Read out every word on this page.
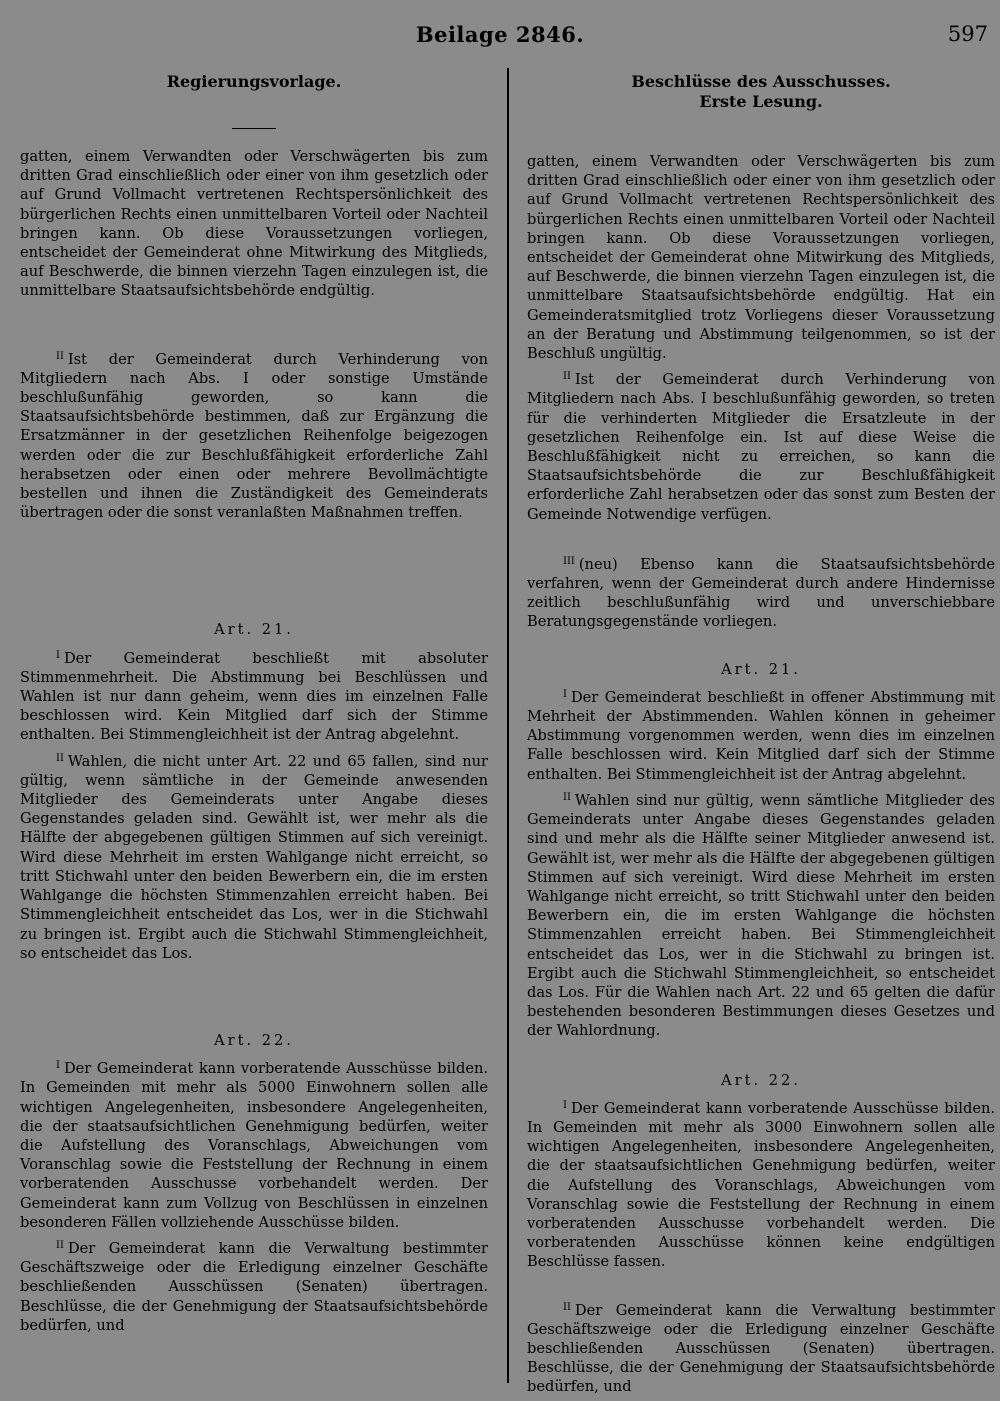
Beilage 2846.	597
Regierungsvorlage.

gatten, einem Verwandten oder Verschwägerten bis zum dritten Grad einschließlich oder einer von ihm gesetzlich oder auf Grund Vollmacht vertretenen Rechtspersönlichkeit des bürgerlichen Rechts einen unmittelbaren Vorteil oder Nachteil bringen kann. Ob diese Voraussetzungen vorliegen, entscheidet der Gemeinderat ohne Mitwirkung des Mitglieds, auf Beschwerde, die binnen vierzehn Tagen einzulegen ist, die unmittelbare Staatsaufsichtsbehörde endgültig.

$^{II}$ Ist der Gemeinderat durch Verhinderung von Mitgliedern nach Abs. I oder sonstige Umstände beschlußunfähig geworden, so kann die Staatsaufsichtsbehörde bestimmen, daß zur Ergänzung die Ersatzmänner in der gesetzlichen Reihenfolge beigezogen werden oder die zur Beschlußfähigkeit erforderliche Zahl herabsetzen oder einen oder mehrere Bevollmächtigte bestellen und ihnen die Zuständigkeit des Gemeinderats übertragen oder die sonst veranlaßten Maßnahmen treffen.

Art. 21.

$^I$ Der Gemeinderat beschließt mit absoluter Stimmenmehrheit. Die Abstimmung bei Beschlüssen und Wahlen ist nur dann geheim, wenn dies im einzelnen Falle beschlossen wird. Kein Mitglied darf sich der Stimme enthalten. Bei Stimmengleichheit ist der Antrag abgelehnt.

$^{II}$ Wahlen, die nicht unter Art. 22 und 65 fallen, sind nur gültig, wenn sämtliche in der Gemeinde anwesenden Mitglieder des Gemeinderats unter Angabe dieses Gegenstandes geladen sind. Gewählt ist, wer mehr als die Hälfte der abgegebenen gültigen Stimmen auf sich vereinigt. Wird diese Mehrheit im ersten Wahlgange nicht erreicht, so tritt Stichwahl unter den beiden Bewerbern ein, die im ersten Wahlgange die höchsten Stimmenzahlen erreicht haben. Bei Stimmengleichheit entscheidet das Los, wer in die Stichwahl zu bringen ist. Ergibt auch die Stichwahl Stimmengleichheit, so entscheidet das Los.

Art. 22.

$^I$ Der Gemeinderat kann vorberatende Ausschüsse bilden. In Gemeinden mit mehr als 5000 Einwohnern sollen alle wichtigen Angelegenheiten, insbesondere Angelegenheiten, die der staatsaufsichtlichen Genehmigung bedürfen, weiter die Aufstellung des Voranschlags, Abweichungen vom Voranschlag sowie die Feststellung der Rechnung in einem vorberatenden Ausschusse vorbehandelt werden. Der Gemeinderat kann zum Vollzug von Beschlüssen in einzelnen besonderen Fällen vollziehende Ausschüsse bilden.

$^{II}$ Der Gemeinderat kann die Verwaltung bestimmter Geschäftszweige oder die Erledigung einzelner Geschäfte beschließenden Ausschüssen (Senaten) übertragen. Beschlüsse, die der Genehmigung der Staatsaufsichtsbehörde bedürfen, und

Beschlüsse des Ausschusses.
Erste Lesung.

gatten, einem Verwandten oder Verschwägerten bis zum dritten Grad einschließlich oder einer von ihm gesetzlich oder auf Grund Vollmacht vertretenen Rechtspersönlichkeit des bürgerlichen Rechts einen unmittelbaren Vorteil oder Nachteil bringen kann. Ob diese Voraussetzungen vorliegen, entscheidet der Gemeinderat ohne Mitwirkung des Mitglieds, auf Beschwerde, die binnen vierzehn Tagen einzulegen ist, die unmittelbare Staatsaufsichtsbehörde endgültig. Hat ein Gemeinderatsmitglied trotz Vorliegens dieser Voraussetzung an der Beratung und Abstimmung teilgenommen, so ist der Beschluß ungültig.

$^{II}$ Ist der Gemeinderat durch Verhinderung von Mitgliedern nach Abs. I beschlußunfähig geworden, so treten für die verhinderten Mitglieder die Ersatzleute in der gesetzlichen Reihenfolge ein. Ist auf diese Weise die Beschlußfähigkeit nicht zu erreichen, so kann die Staatsaufsichtsbehörde die zur Beschlußfähigkeit erforderliche Zahl herabsetzen oder das sonst zum Besten der Gemeinde Notwendige verfügen.

$^{III}$ (neu) Ebenso kann die Staatsaufsichtsbehörde verfahren, wenn der Gemeinderat durch andere Hindernisse zeitlich beschlußunfähig wird und unverschiebbare Beratungsgegenstände vorliegen.

Art. 21.

$^I$ Der Gemeinderat beschließt in offener Abstimmung mit Mehrheit der Abstimmenden. Wahlen können in geheimer Abstimmung vorgenommen werden, wenn dies im einzelnen Falle beschlossen wird. Kein Mitglied darf sich der Stimme enthalten. Bei Stimmengleichheit ist der Antrag abgelehnt.

$^{II}$ Wahlen sind nur gültig, wenn sämtliche Mitglieder des Gemeinderats unter Angabe dieses Gegenstandes geladen sind und mehr als die Hälfte seiner Mitglieder anwesend ist. Gewählt ist, wer mehr als die Hälfte der abgegebenen gültigen Stimmen auf sich vereinigt. Wird diese Mehrheit im ersten Wahlgange nicht erreicht, so tritt Stichwahl unter den beiden Bewerbern ein, die im ersten Wahlgange die höchsten Stimmenzahlen erreicht haben. Bei Stimmengleichheit entscheidet das Los, wer in die Stichwahl zu bringen ist. Ergibt auch die Stichwahl Stimmengleichheit, so entscheidet das Los. Für die Wahlen nach Art. 22 und 65 gelten die dafür bestehenden besonderen Bestimmungen dieses Gesetzes und der Wahlordnung.

Art. 22.

$^I$ Der Gemeinderat kann vorberatende Ausschüsse bilden. In Gemeinden mit mehr als 3000 Einwohnern sollen alle wichtigen Angelegenheiten, insbesondere Angelegenheiten, die der staatsaufsichtlichen Genehmigung bedürfen, weiter die Aufstellung des Voranschlags, Abweichungen vom Voranschlag sowie die Feststellung der Rechnung in einem vorberatenden Ausschusse vorbehandelt werden. Die vorberatenden Ausschüsse können keine endgültigen Beschlüsse fassen.

$^{II}$ Der Gemeinderat kann die Verwaltung bestimmter Geschäftszweige oder die Erledigung einzelner Geschäfte beschließenden Ausschüssen (Senaten) übertragen. Beschlüsse, die der Genehmigung der Staatsaufsichtsbehörde bedürfen, und
